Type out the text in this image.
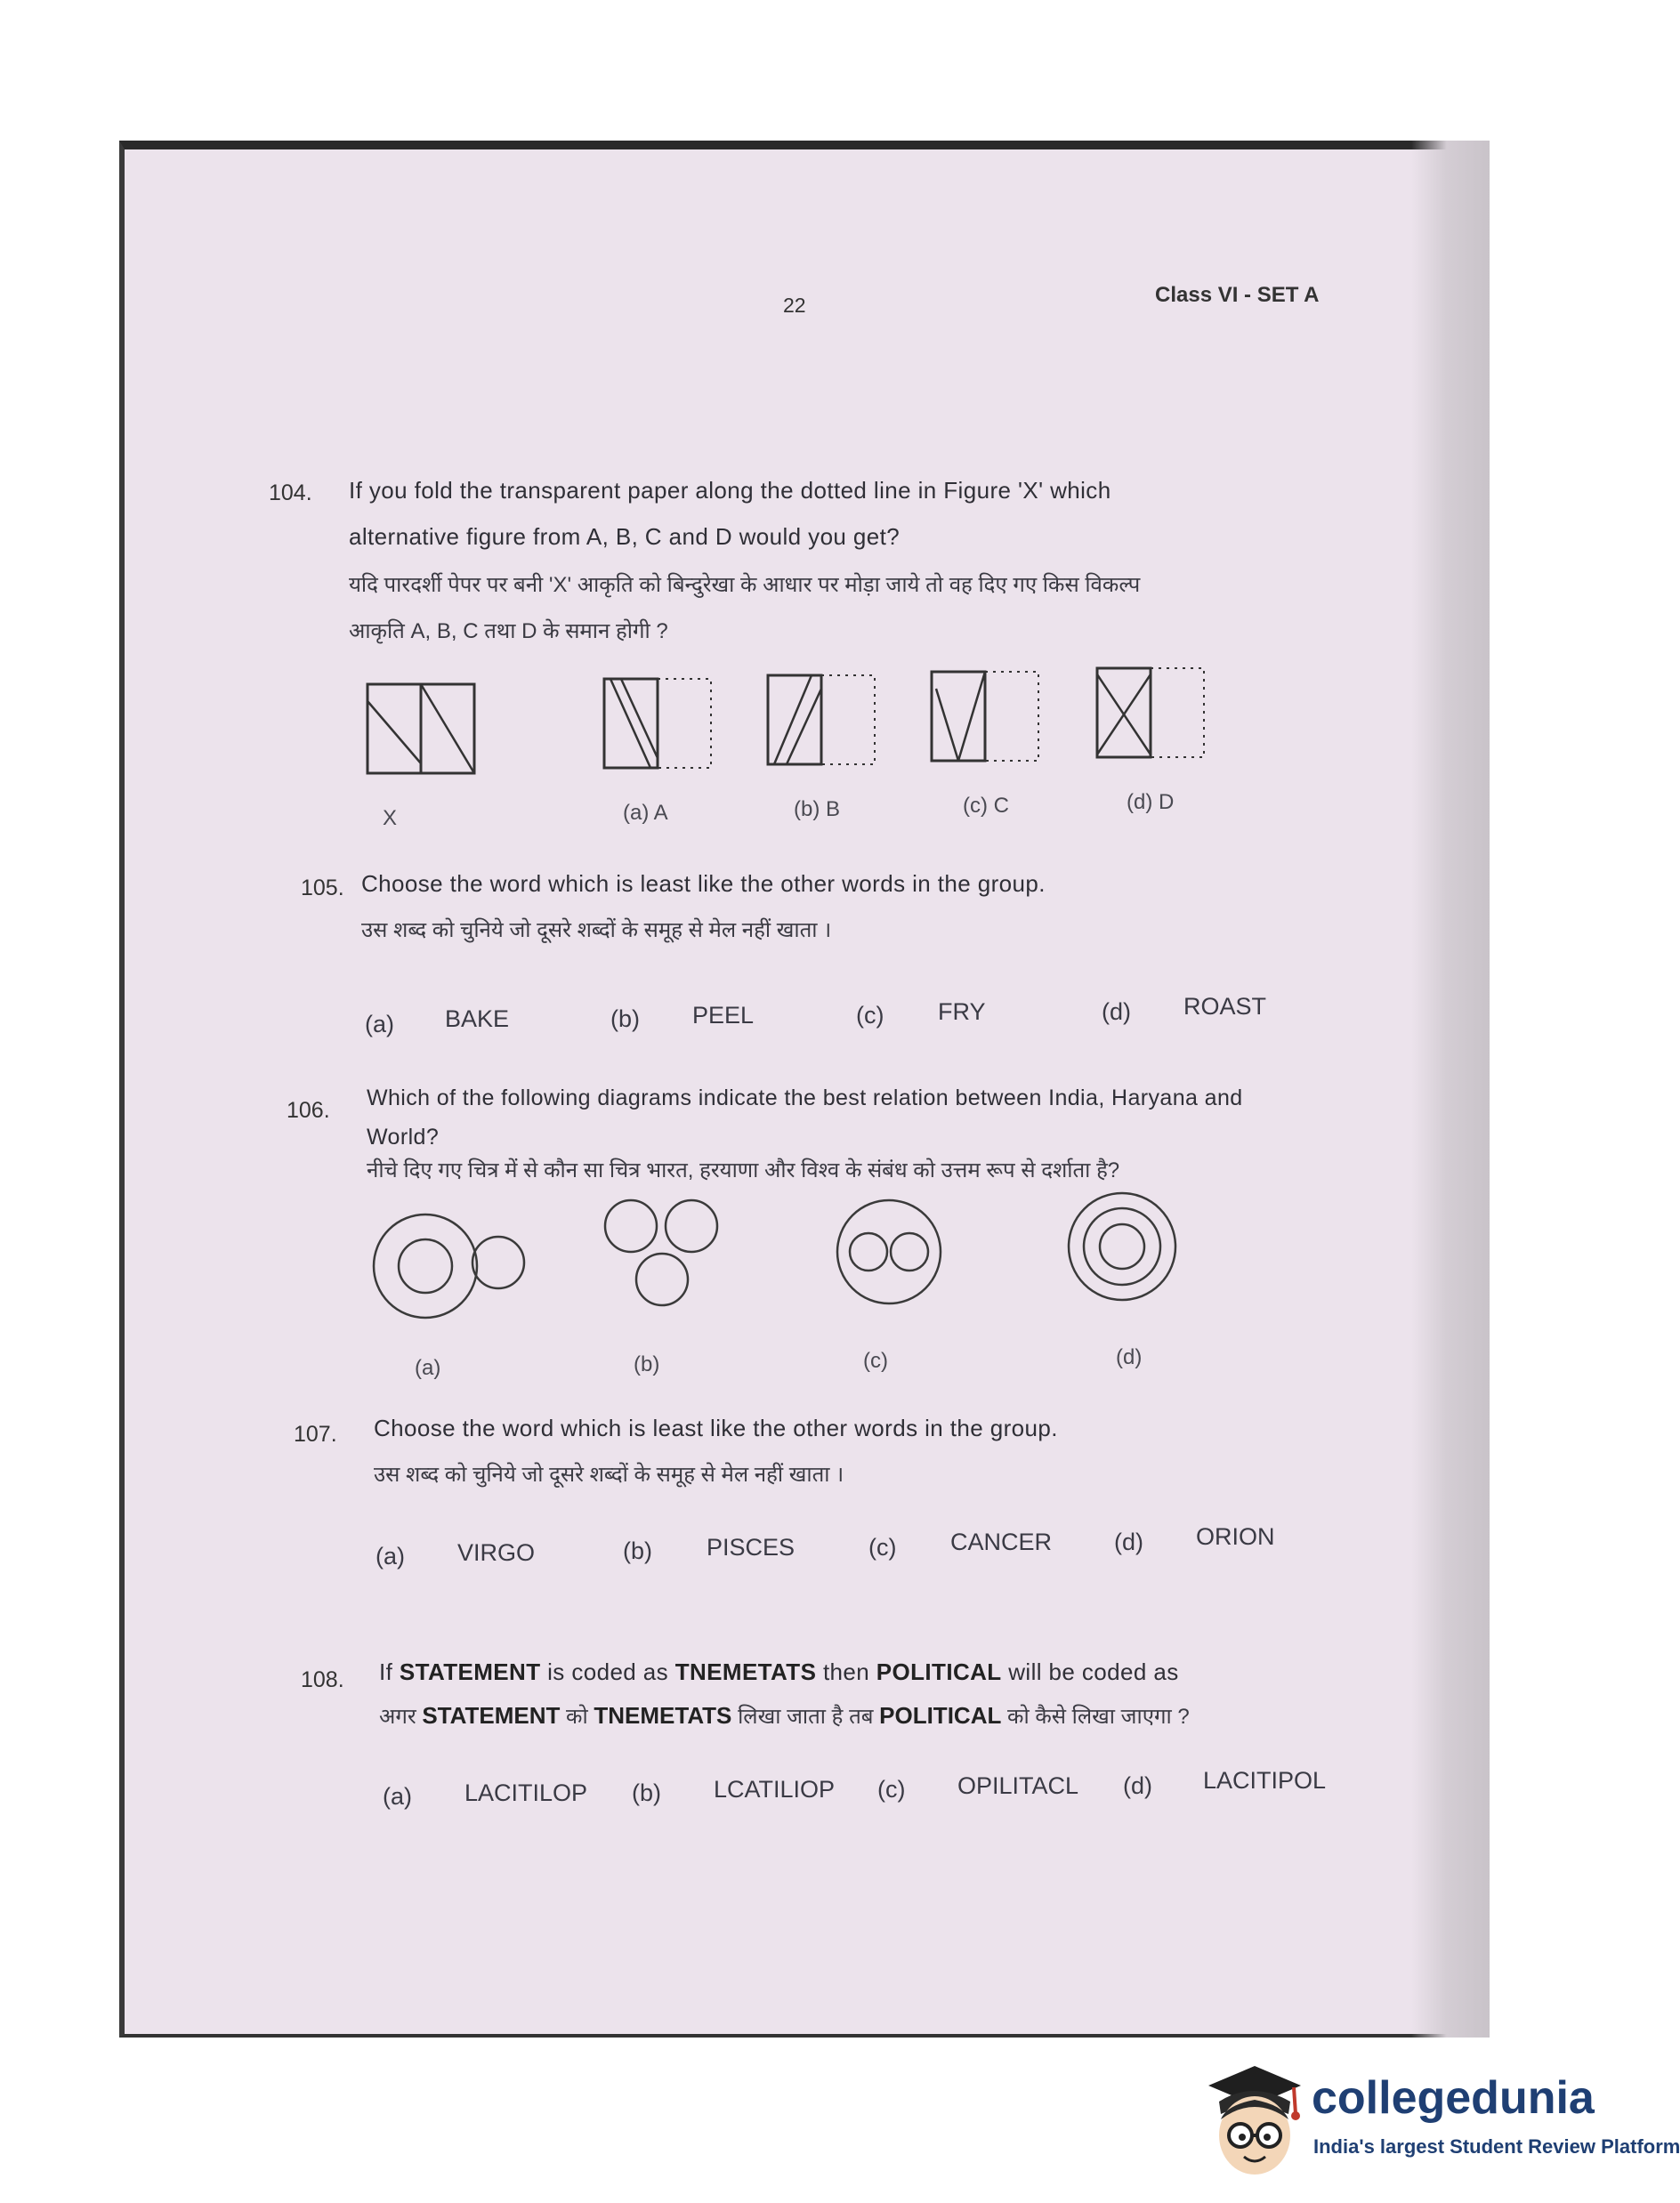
22	Class VI - SET A
104. If you fold the transparent paper along the dotted line in Figure 'X' which
alternative figure from A, B, C and D would you get?
यदि पारदर्शी पेपर पर बनी 'X' आकृति को बिन्दुरेखा के आधार पर मोड़ा जाये तो वह दिए गए किस विकल्प
आकृति A, B, C तथा D के समान होगी ?
X	(a) A	(b) B	(c) C	(d) D
105. Choose the word which is least like the other words in the group.
उस शब्द को चुनिये जो दूसरे शब्दों के समूह से मेल नहीं खाता ।
(a) BAKE	(b) PEEL	(c) FRY	(d) ROAST
106. Which of the following diagrams indicate the best relation between India, Haryana and
World?
नीचे दिए गए चित्र में से कौन सा चित्र भारत, हरयाणा और विश्व के संबंध को उत्तम रूप से दर्शाता है?
(a)	(b)	(c)	(d)
107. Choose the word which is least like the other words in the group.
उस शब्द को चुनिये जो दूसरे शब्दों के समूह से मेल नहीं खाता ।
(a) VIRGO	(b) PISCES	(c) CANCER	(d) ORION
108. If STATEMENT is coded as TNEMETATS then POLITICAL will be coded as
अगर STATEMENT को TNEMETATS लिखा जाता है तब POLITICAL को कैसे लिखा जाएगा ?
(a) LACITILOP (b) LCATILIOP (c) OPILITACL (d) LACITIPOL
collegedunia
India's largest Student Review Platform
